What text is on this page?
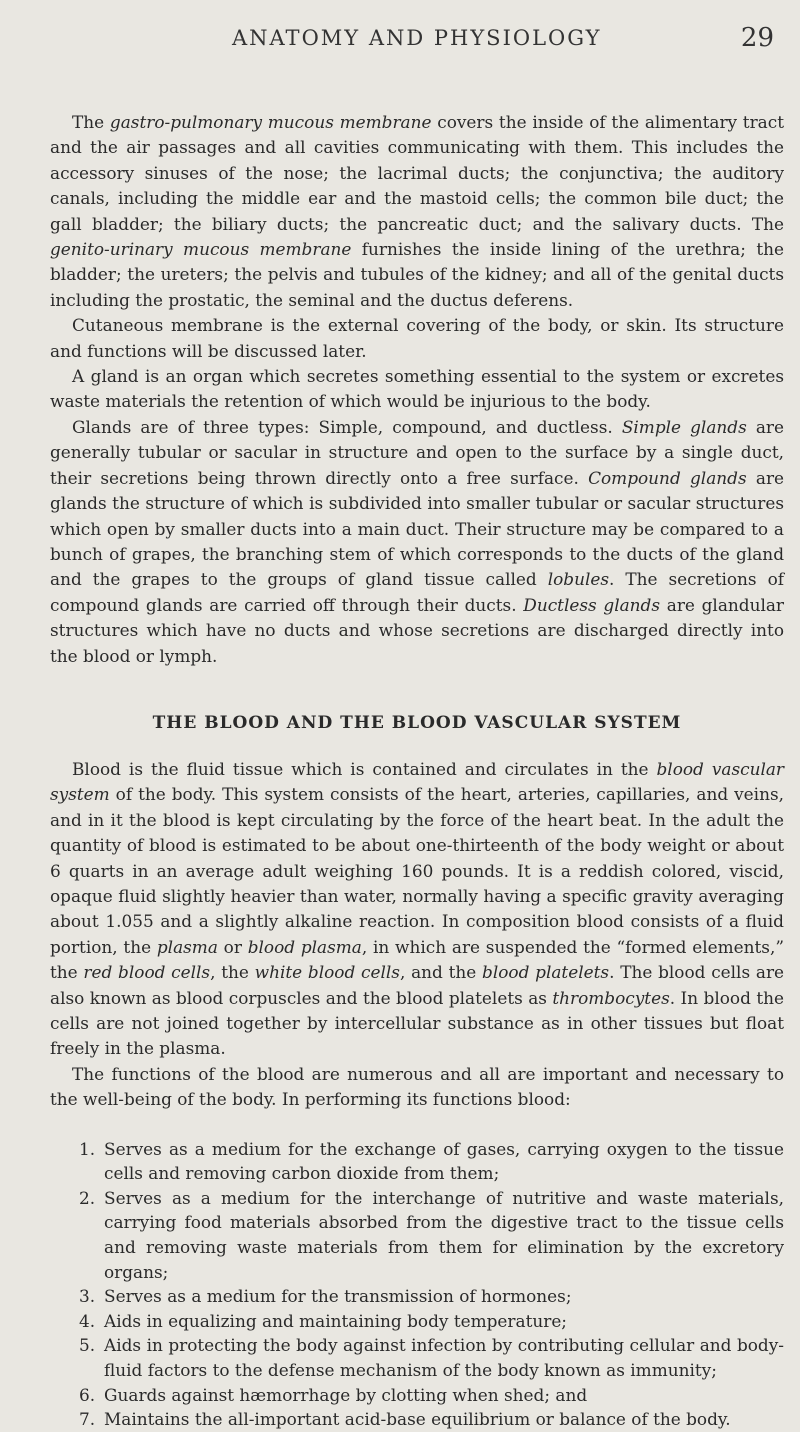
ANATOMY AND PHYSIOLOGY	29

The gastro-pulmonary mucous membrane covers the inside of the alimentary tract and the air passages and all cavities communicating with them. This includes the accessory sinuses of the nose; the lacrimal ducts; the conjunctiva; the auditory canals, including the middle ear and the mastoid cells; the common bile duct; the gall bladder; the biliary ducts; the pancreatic duct; and the salivary ducts. The genito-urinary mucous membrane furnishes the inside lining of the urethra; the bladder; the ureters; the pelvis and tubules of the kidney; and all of the genital ducts including the prostatic, the seminal and the ductus deferens.

Cutaneous membrane is the external covering of the body, or skin. Its structure and functions will be discussed later.

A gland is an organ which secretes something essential to the system or excretes waste materials the retention of which would be injurious to the body.

Glands are of three types: Simple, compound, and ductless. Simple glands are generally tubular or sacular in structure and open to the surface by a single duct, their secretions being thrown directly onto a free surface. Compound glands are glands the structure of which is subdivided into smaller tubular or sacular structures which open by smaller ducts into a main duct. Their structure may be compared to a bunch of grapes, the branching stem of which corresponds to the ducts of the gland and the grapes to the groups of gland tissue called lobules. The secretions of compound glands are carried off through their ducts. Ductless glands are glandular structures which have no ducts and whose secretions are discharged directly into the blood or lymph.

THE BLOOD AND THE BLOOD VASCULAR SYSTEM

Blood is the fluid tissue which is contained and circulates in the blood vascular system of the body. This system consists of the heart, arteries, capillaries, and veins, and in it the blood is kept circulating by the force of the heart beat. In the adult the quantity of blood is estimated to be about one-thirteenth of the body weight or about 6 quarts in an average adult weighing 160 pounds. It is a reddish colored, viscid, opaque fluid slightly heavier than water, normally having a specific gravity averaging about 1.055 and a slightly alkaline reaction. In composition blood consists of a fluid portion, the plasma or blood plasma, in which are suspended the “formed elements,” the red blood cells, the white blood cells, and the blood platelets. The blood cells are also known as blood corpuscles and the blood platelets as thrombocytes. In blood the cells are not joined together by intercellular substance as in other tissues but float freely in the plasma.

The functions of the blood are numerous and all are important and necessary to the well-being of the body. In performing its functions blood:

1. Serves as a medium for the exchange of gases, carrying oxygen to the tissue cells and removing carbon dioxide from them;
2. Serves as a medium for the interchange of nutritive and waste materials, carrying food materials absorbed from the digestive tract to the tissue cells and removing waste materials from them for elimination by the excretory organs;
3. Serves as a medium for the transmission of hormones;
4. Aids in equalizing and maintaining body temperature;
5. Aids in protecting the body against infection by contributing cellular and body-fluid factors to the defense mechanism of the body known as immunity;
6. Guards against hæmorrhage by clotting when shed; and
7. Maintains the all-important acid-base equilibrium or balance of the body.
